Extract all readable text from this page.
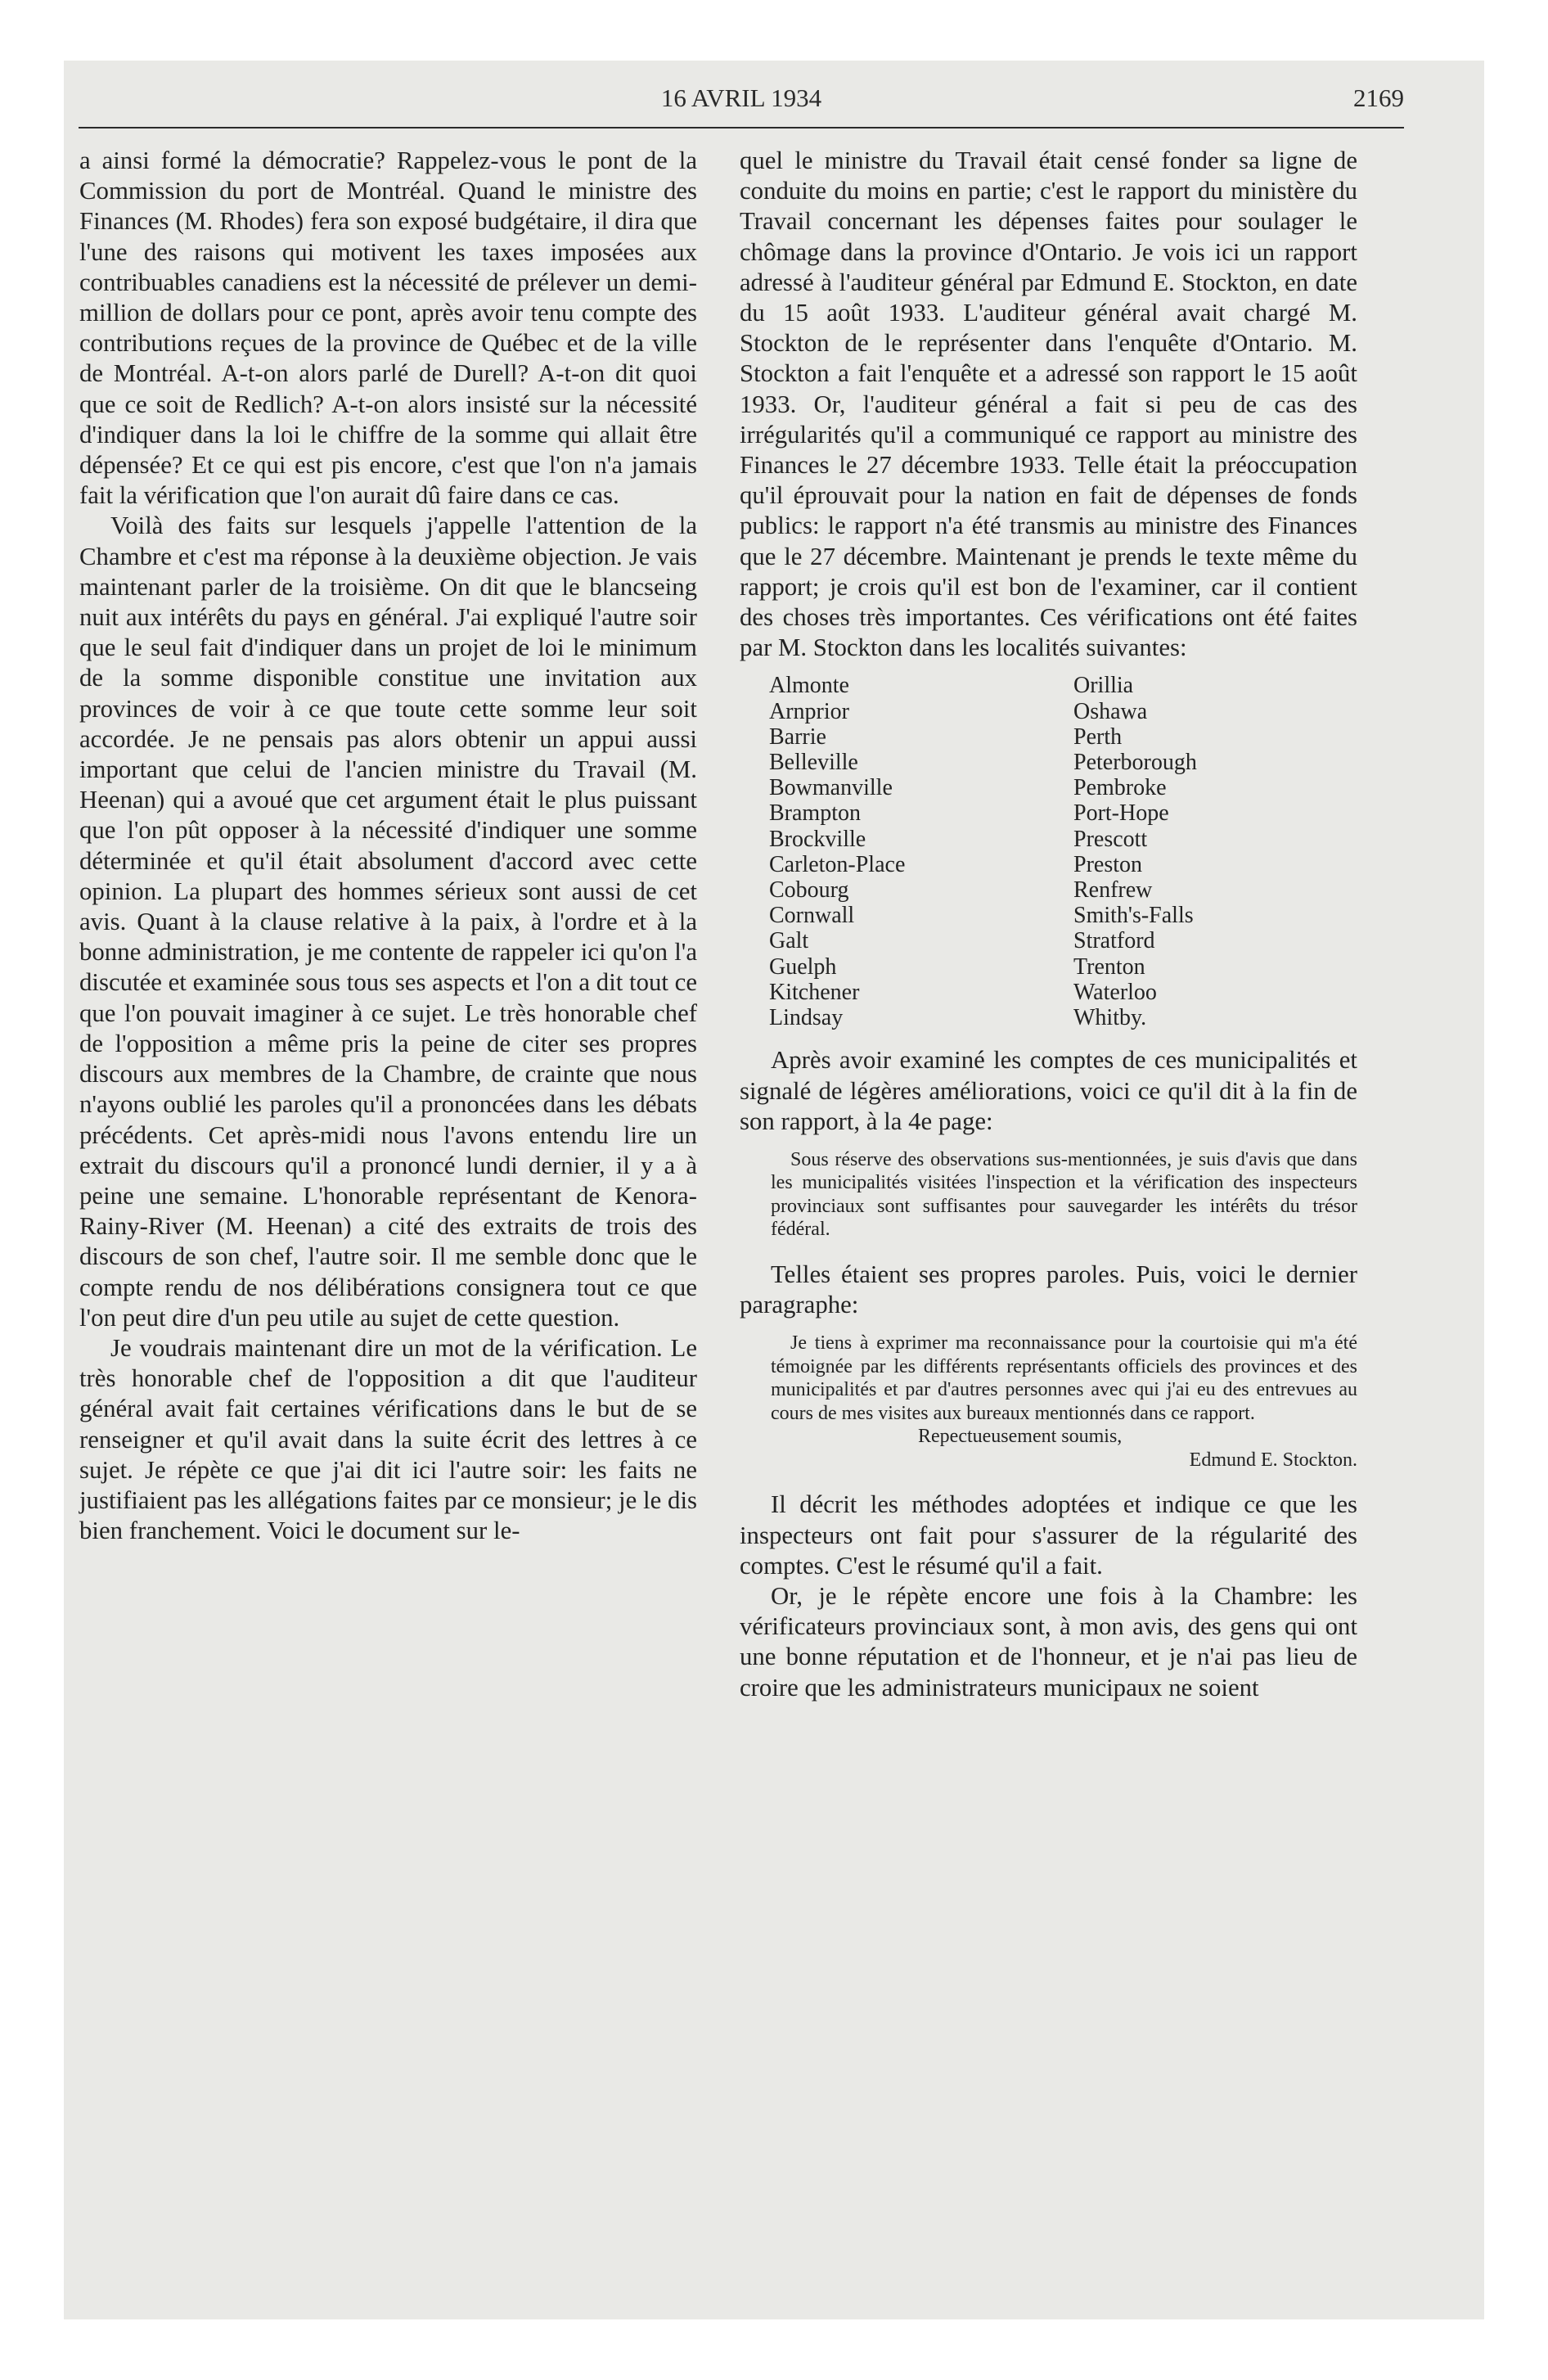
16 AVRIL 1934	2169

a ainsi formé la démocratie? Rappelez-vous le pont de la Commission du port de Montréal. Quand le ministre des Finances (M. Rhodes) fera son exposé budgétaire, il dira que l'une des raisons qui motivent les taxes imposées aux contribuables canadiens est la nécessité de prélever un demi-million de dollars pour ce pont, après avoir tenu compte des contributions reçues de la province de Québec et de la ville de Montréal. A-t-on alors parlé de Durell? A-t-on dit quoi que ce soit de Redlich? A-t-on alors insisté sur la nécessité d'indiquer dans la loi le chiffre de la somme qui allait être dépensée? Et ce qui est pis encore, c'est que l'on n'a jamais fait la vérification que l'on aurait dû faire dans ce cas.

Voilà des faits sur lesquels j'appelle l'attention de la Chambre et c'est ma réponse à la deuxième objection. Je vais maintenant parler de la troisième. On dit que le blancseing nuit aux intérêts du pays en général. J'ai expliqué l'autre soir que le seul fait d'indiquer dans un projet de loi le minimum de la somme disponible constitue une invitation aux provinces de voir à ce que toute cette somme leur soit accordée. Je ne pensais pas alors obtenir un appui aussi important que celui de l'ancien ministre du Travail (M. Heenan) qui a avoué que cet argument était le plus puissant que l'on pût opposer à la nécessité d'indiquer une somme déterminée et qu'il était absolument d'accord avec cette opinion. La plupart des hommes sérieux sont aussi de cet avis. Quant à la clause relative à la paix, à l'ordre et à la bonne administration, je me contente de rappeler ici qu'on l'a discutée et examinée sous tous ses aspects et l'on a dit tout ce que l'on pouvait imaginer à ce sujet. Le très honorable chef de l'opposition a même pris la peine de citer ses propres discours aux membres de la Chambre, de crainte que nous n'ayons oublié les paroles qu'il a prononcées dans les débats précédents. Cet après-midi nous l'avons entendu lire un extrait du discours qu'il a prononcé lundi dernier, il y a à peine une semaine. L'honorable représentant de Kenora-Rainy-River (M. Heenan) a cité des extraits de trois des discours de son chef, l'autre soir. Il me semble donc que le compte rendu de nos délibérations consignera tout ce que l'on peut dire d'un peu utile au sujet de cette question.

Je voudrais maintenant dire un mot de la vérification. Le très honorable chef de l'opposition a dit que l'auditeur général avait fait certaines vérifications dans le but de se renseigner et qu'il avait dans la suite écrit des lettres à ce sujet. Je répète ce que j'ai dit ici l'autre soir: les faits ne justifiaient pas les allégations faites par ce monsieur; je le dis bien franchement. Voici le document sur le-

quel le ministre du Travail était censé fonder sa ligne de conduite du moins en partie; c'est le rapport du ministère du Travail concernant les dépenses faites pour soulager le chômage dans la province d'Ontario. Je vois ici un rapport adressé à l'auditeur général par Edmund E. Stockton, en date du 15 août 1933. L'auditeur général avait chargé M. Stockton de le représenter dans l'enquête d'Ontario. M. Stockton a fait l'enquête et a adressé son rapport le 15 août 1933. Or, l'auditeur général a fait si peu de cas des irrégularités qu'il a communiqué ce rapport au ministre des Finances le 27 décembre 1933. Telle était la préoccupation qu'il éprouvait pour la nation en fait de dépenses de fonds publics: le rapport n'a été transmis au ministre des Finances que le 27 décembre. Maintenant je prends le texte même du rapport; je crois qu'il est bon de l'examiner, car il contient des choses très importantes. Ces vérifications ont été faites par M. Stockton dans les localités suivantes:

Almonte
Arnprior
Barrie
Belleville
Bowmanville
Brampton
Brockville
Carleton-Place
Cobourg
Cornwall
Galt
Guelph
Kitchener
Lindsay
Orillia
Oshawa
Perth
Peterborough
Pembroke
Port-Hope
Prescott
Preston
Renfrew
Smith's-Falls
Stratford
Trenton
Waterloo
Whitby.

Après avoir examiné les comptes de ces municipalités et signalé de légères améliorations, voici ce qu'il dit à la fin de son rapport, à la 4e page:

Sous réserve des observations sus-mentionnées, je suis d'avis que dans les municipalités visitées l'inspection et la vérification des inspecteurs provinciaux sont suffisantes pour sauvegarder les intérêts du trésor fédéral.

Telles étaient ses propres paroles. Puis, voici le dernier paragraphe:

Je tiens à exprimer ma reconnaissance pour la courtoisie qui m'a été témoignée par les différents représentants officiels des provinces et des municipalités et par d'autres personnes avec qui j'ai eu des entrevues au cours de mes visites aux bureaux mentionnés dans ce rapport.
Repectueusement soumis,
Edmund E. Stockton.

Il décrit les méthodes adoptées et indique ce que les inspecteurs ont fait pour s'assurer de la régularité des comptes. C'est le résumé qu'il a fait.

Or, je le répète encore une fois à la Chambre: les vérificateurs provinciaux sont, à mon avis, des gens qui ont une bonne réputation et de l'honneur, et je n'ai pas lieu de croire que les administrateurs municipaux ne soient
